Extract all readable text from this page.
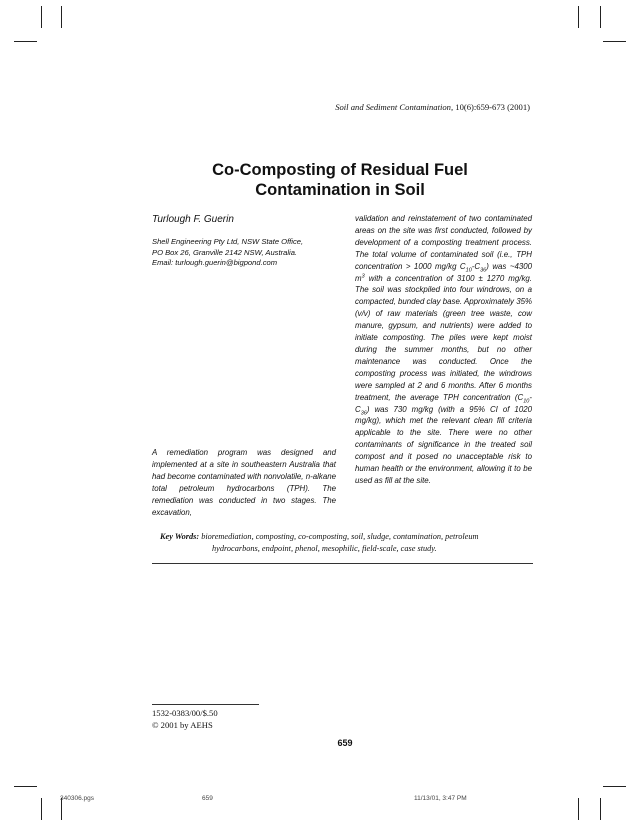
Soil and Sediment Contamination, 10(6):659-673 (2001)
Co-Composting of Residual Fuel
Contamination in Soil
Turlough F. Guerin
Shell Engineering Pty Ltd, NSW State Office,
PO Box 26, Granville 2142 NSW, Australia.
Email: turlough.guerin@bigpond.com
A remediation program was designed and implemented at a site in southeastern Australia that had become contaminated with nonvolatile, n-alkane total petroleum hydrocarbons (TPH). The remediation was conducted in two stages. The excavation,
validation and reinstatement of two contaminated areas on the site was first conducted, followed by development of a composting treatment process. The total volume of contaminated soil (i.e., TPH concentration > 1000 mg/kg $C_{10}-C_{36}$) was ~4300 $m^3$ with a concentration of 3100 ± 1270 mg/kg. The soil was stockpiled into four windrows, on a compacted, bunded clay base. Approximately 35% (v/v) of raw materials (green tree waste, cow manure, gypsum, and nutrients) were added to initiate composting. The piles were kept moist during the summer months, but no other maintenance was conducted. Once the composting process was initiated, the windrows were sampled at 2 and 6 months. After 6 months treatment, the average TPH concentration $(C_{10}-C_{36})$ was 730 mg/kg (with a 95% CI of 1020 mg/kg), which met the relevant clean fill criteria applicable to the site. There were no other contaminants of significance in the treated soil compost and it posed no unacceptable risk to human health or the environment, allowing it to be used as fill at the site.
Key Words: bioremediation, composting, co-composting, soil, sludge, contamination, petroleum
hydrocarbons, endpoint, phenol, mesophilic, field-scale, case study.
1532-0383/00/$.50
© 2001 by AEHS
659
340306.pgs	659	11/13/01, 3:47 PM
